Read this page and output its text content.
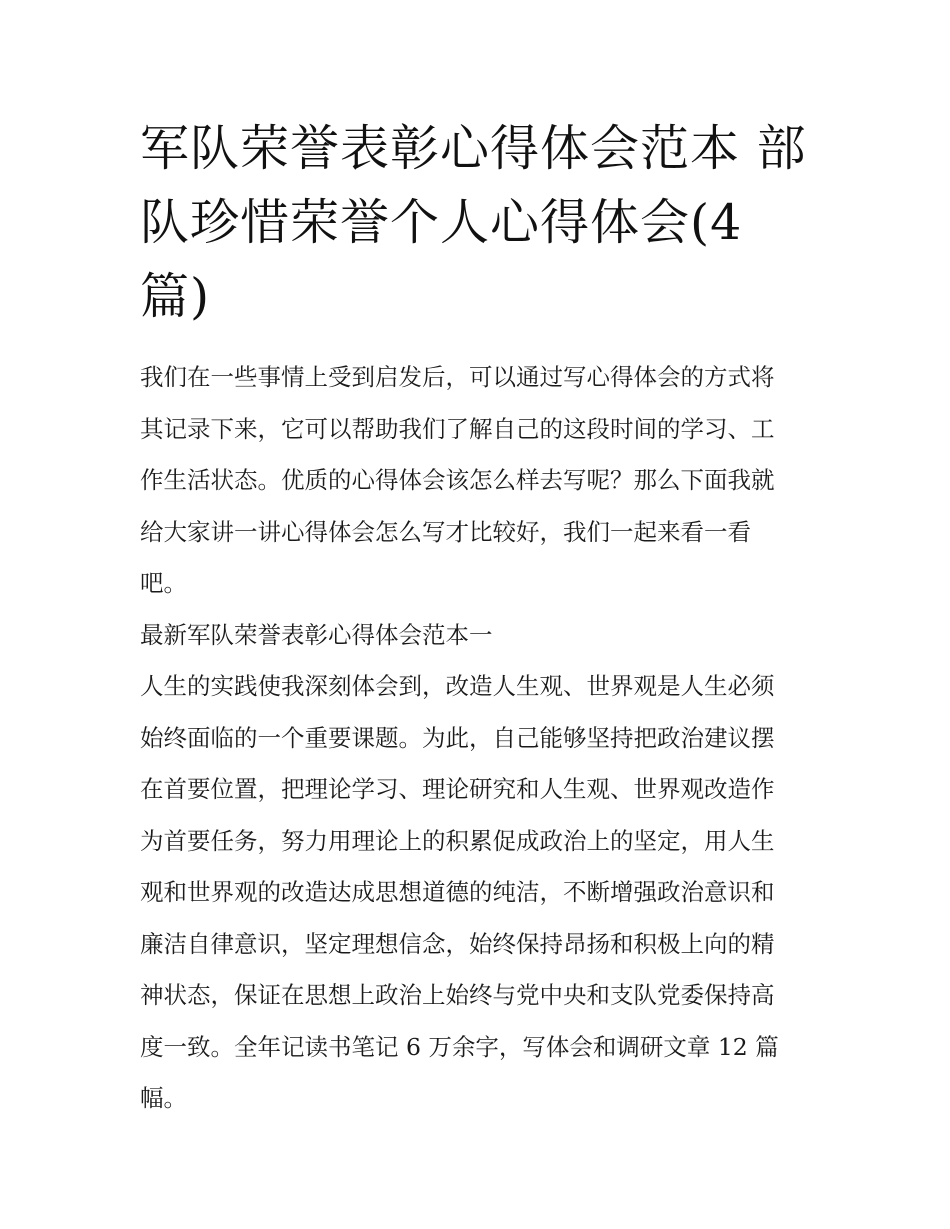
军队荣誉表彰心得体会范本 部
队珍惜荣誉个人心得体会(4
篇)
我们在一些事情上受到启发后，可以通过写心得体会的方式将
其记录下来，它可以帮助我们了解自己的这段时间的学习、工
作生活状态。优质的心得体会该怎么样去写呢？那么下面我就
给大家讲一讲心得体会怎么写才比较好，我们一起来看一看
吧。
最新军队荣誉表彰心得体会范本一
人生的实践使我深刻体会到，改造人生观、世界观是人生必须
始终面临的一个重要课题。为此，自己能够坚持把政治建议摆
在首要位置，把理论学习、理论研究和人生观、世界观改造作
为首要任务，努力用理论上的积累促成政治上的坚定，用人生
观和世界观的改造达成思想道德的纯洁，不断增强政治意识和
廉洁自律意识，坚定理想信念，始终保持昂扬和积极上向的精
神状态，保证在思想上政治上始终与党中央和支队党委保持高
度一致。全年记读书笔记 6 万余字，写体会和调研文章 12 篇
幅。
